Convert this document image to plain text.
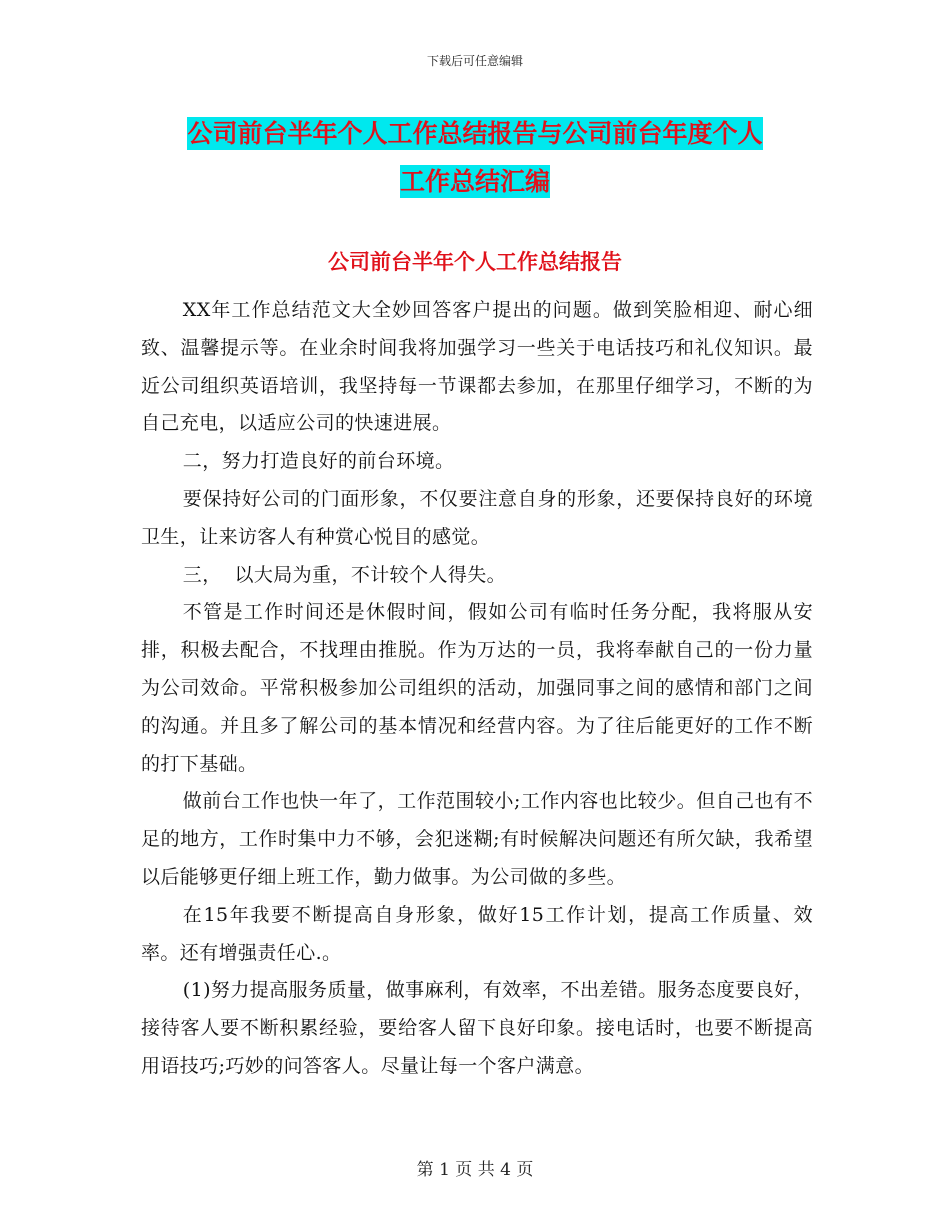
下载后可任意编辑
公司前台半年个人工作总结报告与公司前台年度个人
工作总结汇编
公司前台半年个人工作总结报告

XX年工作总结范文大全妙回答客户提出的问题。做到笑脸相迎、耐心细致、温馨提示等。在业余时间我将加强学习一些关于电话技巧和礼仪知识。最近公司组织英语培训，我坚持每一节课都去参加，在那里仔细学习，不断的为自己充电，以适应公司的快速进展。

二，努力打造良好的前台环境。

要保持好公司的门面形象，不仅要注意自身的形象，还要保持良好的环境卫生，让来访客人有种赏心悦目的感觉。

三，  以大局为重，不计较个人得失。

不管是工作时间还是休假时间，假如公司有临时任务分配，我将服从安排，积极去配合，不找理由推脱。作为万达的一员，我将奉献自己的一份力量为公司效命。平常积极参加公司组织的活动，加强同事之间的感情和部门之间的沟通。并且多了解公司的基本情况和经营内容。为了往后能更好的工作不断的打下基础。

做前台工作也快一年了，工作范围较小;工作内容也比较少。但自己也有不足的地方，工作时集中力不够，会犯迷糊;有时候解决问题还有所欠缺，我希望以后能够更仔细上班工作，勤力做事。为公司做的多些。

在15年我要不断提高自身形象，做好15工作计划，提高工作质量、效率。还有增强责任心.。

(1)努力提高服务质量，做事麻利，有效率，不出差错。服务态度要良好，接待客人要不断积累经验，要给客人留下良好印象。接电话时，也要不断提高用语技巧;巧妙的问答客人。尽量让每一个客户满意。

第 1 页 共 4 页
